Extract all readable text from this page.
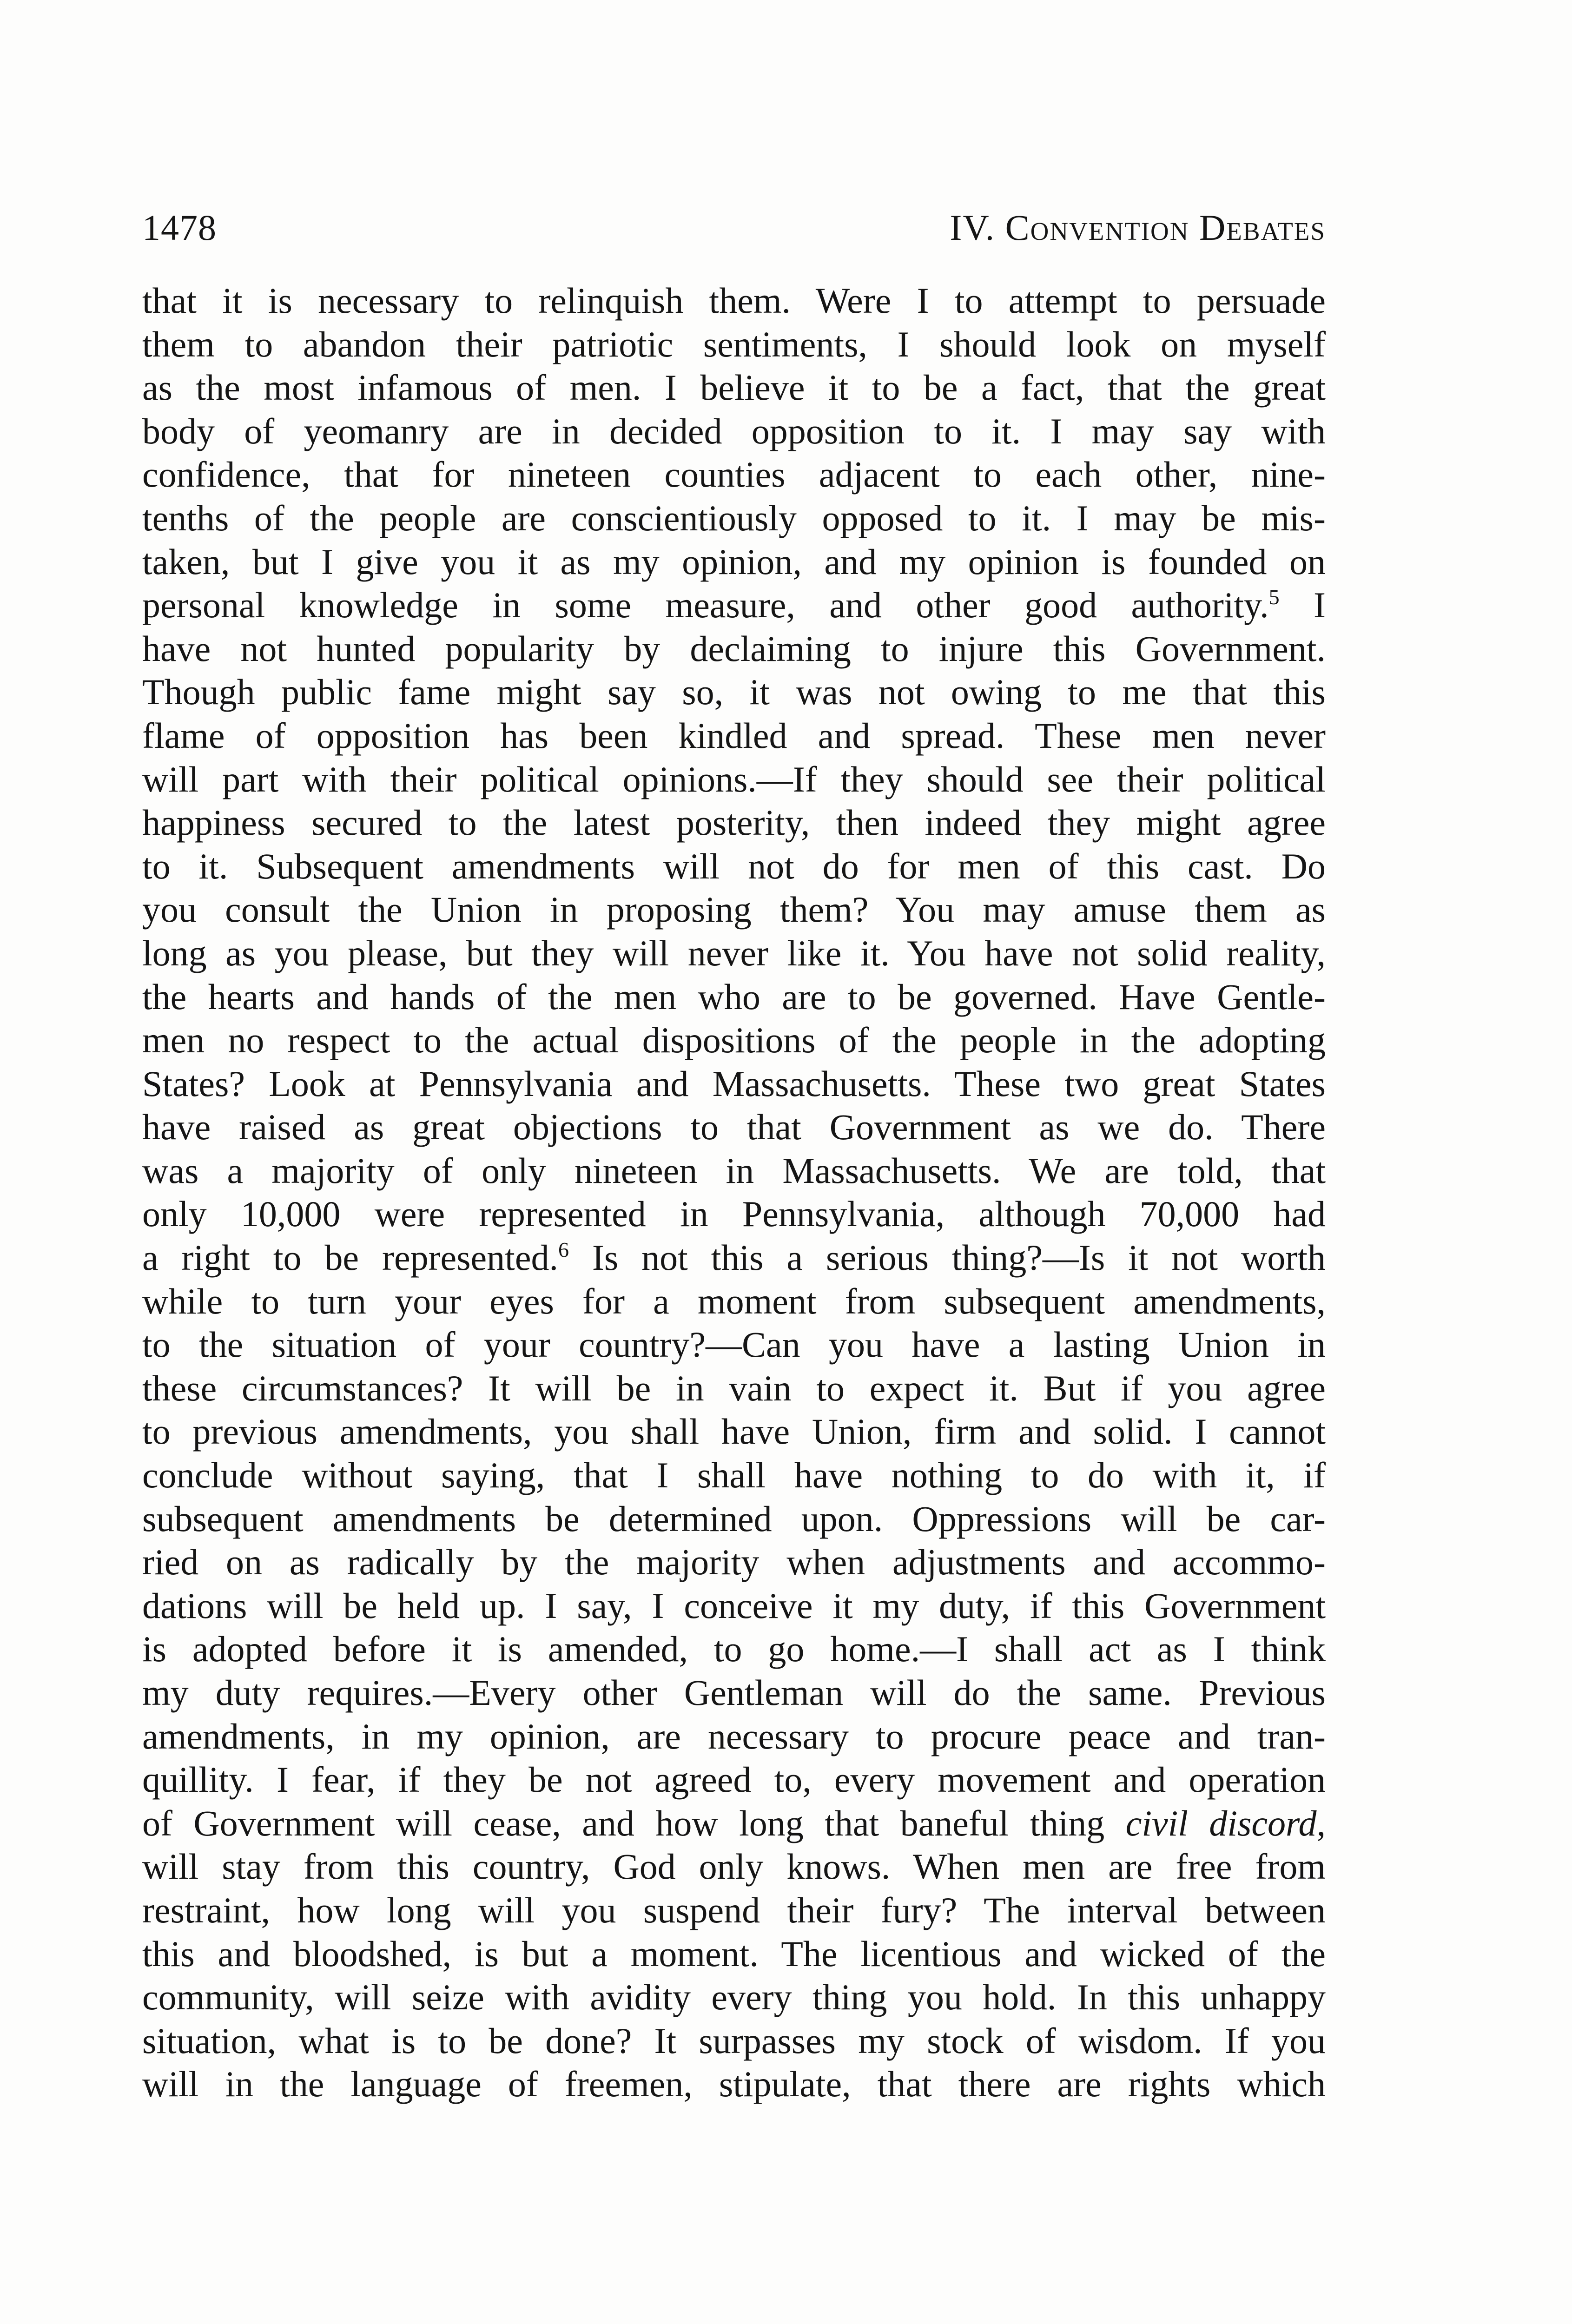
1478	IV. Convention Debates
that it is necessary to relinquish them. Were I to attempt to persuade
them to abandon their patriotic sentiments, I should look on myself
as the most infamous of men. I believe it to be a fact, that the great
body of yeomanry are in decided opposition to it. I may say with
confidence, that for nineteen counties adjacent to each other, nine-
tenths of the people are conscientiously opposed to it. I may be mis-
taken, but I give you it as my opinion, and my opinion is founded on
personal knowledge in some measure, and other good authority.$^5$ I
have not hunted popularity by declaiming to injure this Government.
Though public fame might say so, it was not owing to me that this
flame of opposition has been kindled and spread. These men never
will part with their political opinions.—If they should see their political
happiness secured to the latest posterity, then indeed they might agree
to it. Subsequent amendments will not do for men of this cast. Do
you consult the Union in proposing them? You may amuse them as
long as you please, but they will never like it. You have not solid reality,
the hearts and hands of the men who are to be governed. Have Gentle-
men no respect to the actual dispositions of the people in the adopting
States? Look at Pennsylvania and Massachusetts. These two great States
have raised as great objections to that Government as we do. There
was a majority of only nineteen in Massachusetts. We are told, that
only 10,000 were represented in Pennsylvania, although 70,000 had
a right to be represented.$^6$ Is not this a serious thing?—Is it not worth
while to turn your eyes for a moment from subsequent amendments,
to the situation of your country?—Can you have a lasting Union in
these circumstances? It will be in vain to expect it. But if you agree
to previous amendments, you shall have Union, firm and solid. I cannot
conclude without saying, that I shall have nothing to do with it, if
subsequent amendments be determined upon. Oppressions will be car-
ried on as radically by the majority when adjustments and accommo-
dations will be held up. I say, I conceive it my duty, if this Government
is adopted before it is amended, to go home.—I shall act as I think
my duty requires.—Every other Gentleman will do the same. Previous
amendments, in my opinion, are necessary to procure peace and tran-
quillity. I fear, if they be not agreed to, every movement and operation
of Government will cease, and how long that baneful thing civil discord,
will stay from this country, God only knows. When men are free from
restraint, how long will you suspend their fury? The interval between
this and bloodshed, is but a moment. The licentious and wicked of the
community, will seize with avidity every thing you hold. In this unhappy
situation, what is to be done? It surpasses my stock of wisdom. If you
will in the language of freemen, stipulate, that there are rights which
